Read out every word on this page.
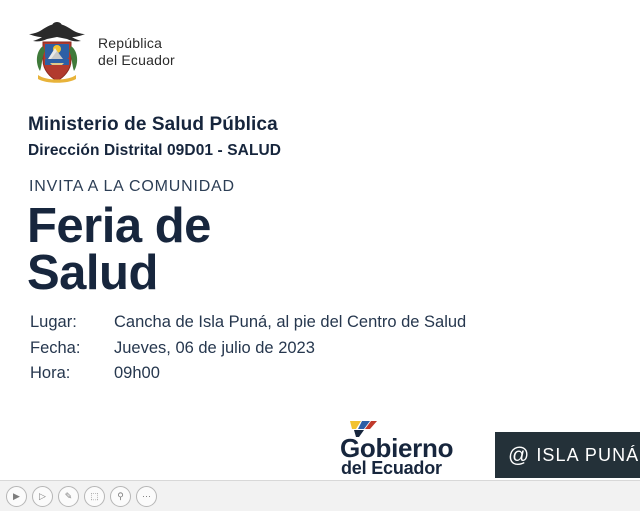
República
del Ecuador
Ministerio de Salud Pública
Dirección Distrital 09D01 - SALUD
INVITA A LA COMUNIDAD
Feria de
Salud
Lugar:	Cancha de Isla Puná, al pie del Centro de Salud
Fecha:	Jueves, 06 de julio de 2023
Hora:	09h00
Gobierno
del Ecuador
@ ISLA PUNÁ
▶	▷	✎	⬚	⚲	⋯
